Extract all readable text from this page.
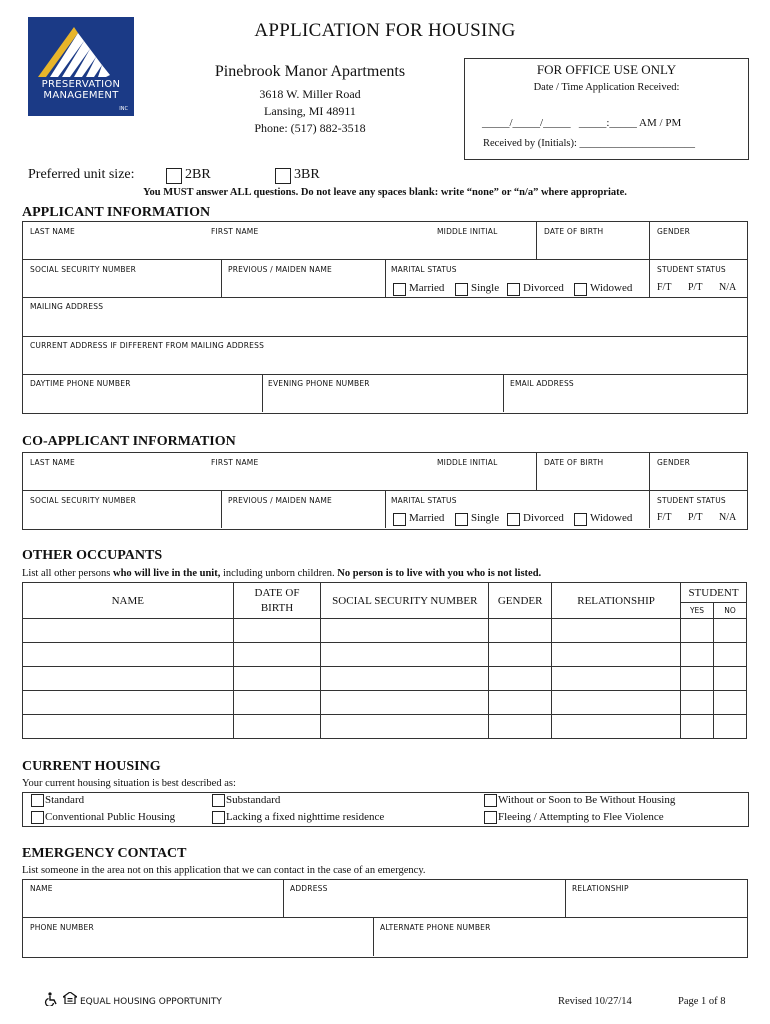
PRESERVATION
MANAGEMENT
INC
APPLICATION FOR HOUSING
Pinebrook Manor Apartments
3618 W. Miller Road
Lansing, MI 48911
Phone: (517) 882-3518
FOR OFFICE USE ONLY
Date / Time Application Received:
_____/_____/_____   _____:_____ AM / PM
Received by (Initials): ______________________
Preferred unit size:	2BR	3BR
You MUST answer ALL questions. Do not leave any spaces blank: write “none” or “n/a” where appropriate.
APPLICANT INFORMATION
LAST NAME	FIRST NAME	MIDDLE INITIAL	DATE OF BIRTH	GENDER
SOCIAL SECURITY NUMBER	PREVIOUS / MAIDEN NAME	MARITAL STATUS	STUDENT STATUS
Married Single Divorced Widowed F/T P/T N/A
MAILING ADDRESS
CURRENT ADDRESS IF DIFFERENT FROM MAILING ADDRESS
DAYTIME PHONE NUMBER	EVENING PHONE NUMBER	EMAIL ADDRESS
CO-APPLICANT INFORMATION
LAST NAME	FIRST NAME	MIDDLE INITIAL	DATE OF BIRTH	GENDER
SOCIAL SECURITY NUMBER	PREVIOUS / MAIDEN NAME	MARITAL STATUS	STUDENT STATUS
Married Single Divorced Widowed F/T P/T N/A
OTHER OCCUPANTS
List all other persons who will live in the unit, including unborn children. No person is to live with you who is not listed.
NAME	DATE OF
BIRTH	SOCIAL SECURITY NUMBER	GENDER	RELATIONSHIP	STUDENT	
					YES	NO

CURRENT HOUSING
Your current housing situation is best described as:
Standard
Conventional Public Housing
Substandard
Lacking a fixed nighttime residence
Without or Soon to Be Without Housing
Fleeing / Attempting to Flee Violence
EMERGENCY CONTACT
List someone in the area not on this application that we can contact in the case of an emergency.
NAME	ADDRESS	RELATIONSHIP
PHONE NUMBER	ALTERNATE PHONE NUMBER
EQUAL HOUSING OPPORTUNITY	Revised 10/27/14	Page 1 of 8
